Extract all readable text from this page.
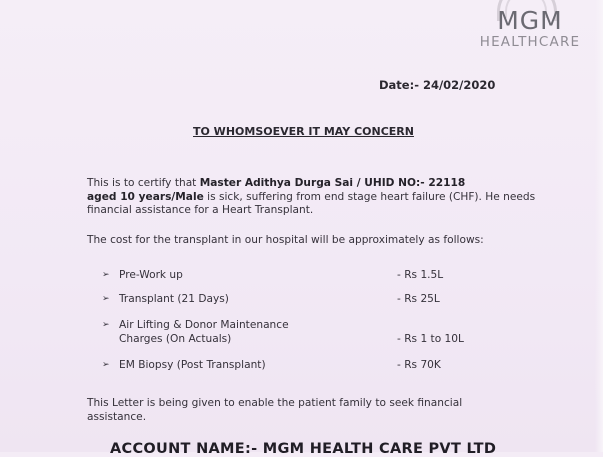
MGM
HEALTHCARE
Date:- 24/02/2020
TO WHOMSOEVER IT MAY CONCERN
This is to certify that Master Adithya Durga Sai / UHID NO:- 22118
aged 10 years/Male is sick, suffering from end stage heart failure (CHF). He needs financial assistance for a Heart Transplant.
The cost for the transplant in our hospital will be approximately as follows:
➢ Pre-Work up	- Rs 1.5L
➢ Transplant (21 Days)	- Rs 25L
➢ Air Lifting & Donor Maintenance Charges (On Actuals)	- Rs 1 to 10L
➢ EM Biopsy (Post Transplant)	- Rs 70K
This Letter is being given to enable the patient family to seek financial assistance.
ACCOUNT NAME:- MGM HEALTH CARE PVT LTD
